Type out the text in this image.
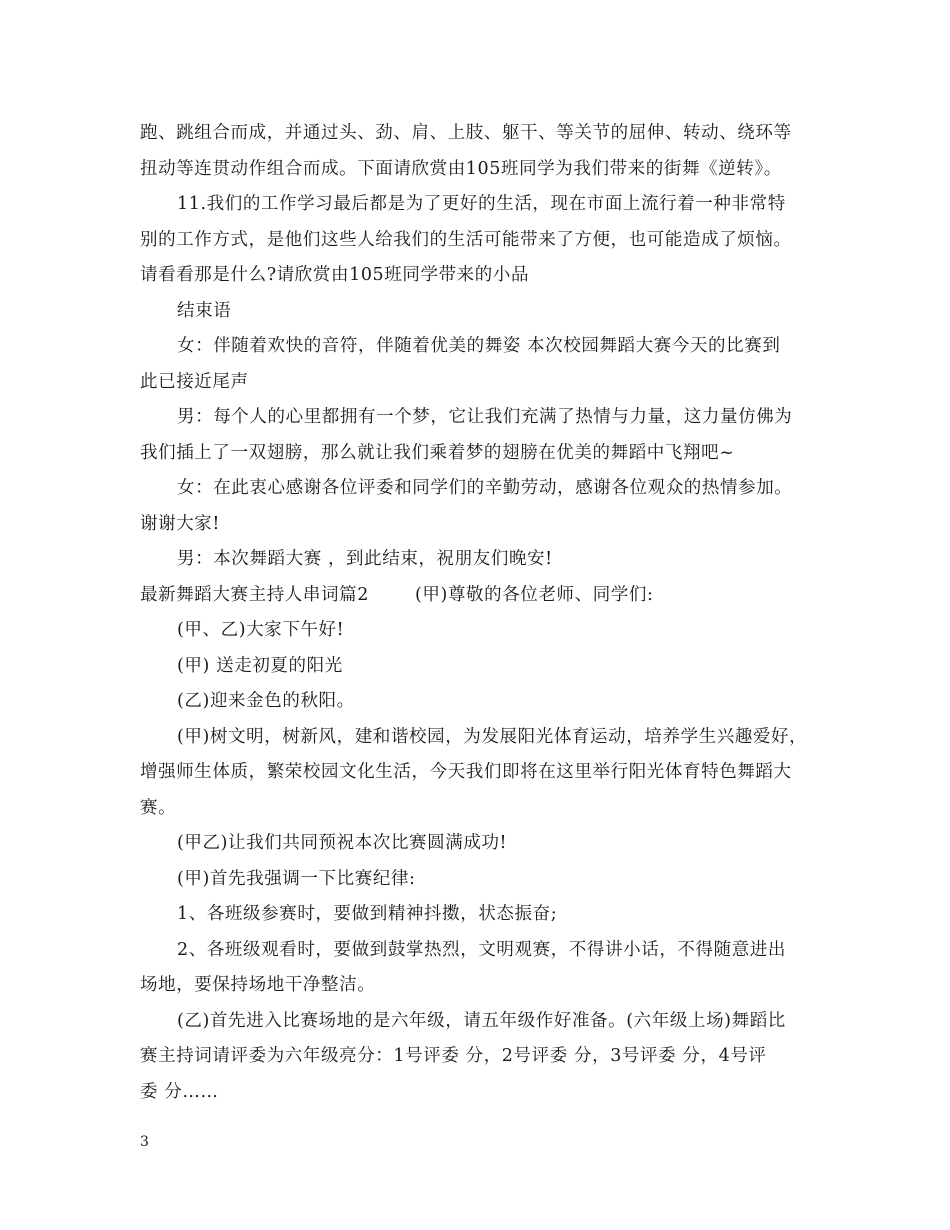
跑、跳组合而成，并通过头、劲、肩、上肢、躯干、等关节的屈伸、转动、绕环等
扭动等连贯动作组合而成。下面请欣赏由105班同学为我们带来的街舞《逆转》。
11.我们的工作学习最后都是为了更好的生活，现在市面上流行着一种非常特
别的工作方式，是他们这些人给我们的生活可能带来了方便，也可能造成了烦恼。
请看看那是什么?请欣赏由105班同学带来的小品
结束语
女：伴随着欢快的音符，伴随着优美的舞姿 本次校园舞蹈大赛今天的比赛到
此已接近尾声
男：每个人的心里都拥有一个梦，它让我们充满了热情与力量，这力量仿佛为
我们插上了一双翅膀，那么就让我们乘着梦的翅膀在优美的舞蹈中飞翔吧~
女：在此衷心感谢各位评委和同学们的辛勤劳动，感谢各位观众的热情参加。
谢谢大家!
男：本次舞蹈大赛 ，到此结束，祝朋友们晚安!
最新舞蹈大赛主持人串词篇2	(甲)尊敬的各位老师、同学们:
(甲、乙)大家下午好!
(甲) 送走初夏的阳光
(乙)迎来金色的秋阳。
(甲)树文明，树新风，建和谐校园，为发展阳光体育运动，培养学生兴趣爱好，
增强师生体质，繁荣校园文化生活，今天我们即将在这里举行阳光体育特色舞蹈大
赛。
(甲乙)让我们共同预祝本次比赛圆满成功!
(甲)首先我强调一下比赛纪律:
1、各班级参赛时，要做到精神抖擞，状态振奋;
2、各班级观看时，要做到鼓掌热烈，文明观赛，不得讲小话，不得随意进出
场地，要保持场地干净整洁。
(乙)首先进入比赛场地的是六年级，请五年级作好准备。(六年级上场)舞蹈比
赛主持词请评委为六年级亮分：1号评委 分，2号评委 分，3号评委 分，4号评
委 分……
3
